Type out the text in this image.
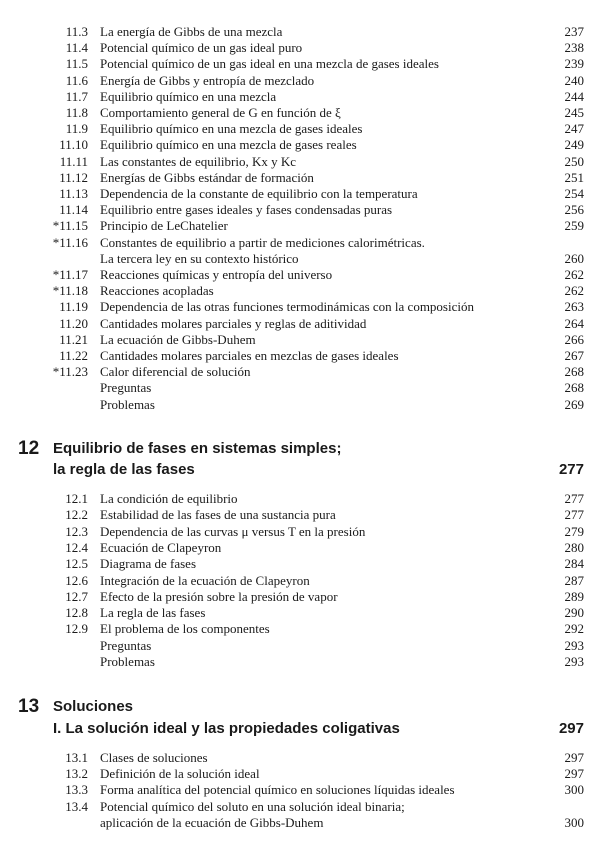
11.3 La energía de Gibbs de una mezcla	237
11.4 Potencial químico de un gas ideal puro	238
11.5 Potencial químico de un gas ideal en una mezcla de gases ideales	239
11.6 Energía de Gibbs y entropía de mezclado	240
11.7 Equilibrio químico en una mezcla	244
11.8 Comportamiento general de G en función de ξ	245
11.9 Equilibrio químico en una mezcla de gases ideales	247
11.10 Equilibrio químico en una mezcla de gases reales	249
11.11 Las constantes de equilibrio, Kx y Kc	250
11.12 Energías de Gibbs estándar de formación	251
11.13 Dependencia de la constante de equilibrio con la temperatura	254
11.14 Equilibrio entre gases ideales y fases condensadas puras	256
*11.15 Principio de LeChatelier	259
*11.16 Constantes de equilibrio a partir de mediciones calorimétricas.
La tercera ley en su contexto histórico	260
*11.17 Reacciones químicas y entropía del universo	262
*11.18 Reacciones acopladas	262
11.19 Dependencia de las otras funciones termodinámicas con la composición	263
11.20 Cantidades molares parciales y reglas de aditividad	264
11.21 La ecuación de Gibbs-Duhem	266
11.22 Cantidades molares parciales en mezclas de gases ideales	267
*11.23 Calor diferencial de solución	268
Preguntas	268
Problemas	269
12 Equilibrio de fases en sistemas simples;
la regla de las fases	277
12.1 La condición de equilibrio	277
12.2 Estabilidad de las fases de una sustancia pura	277
12.3 Dependencia de las curvas μ versus T en la presión	279
12.4 Ecuación de Clapeyron	280
12.5 Diagrama de fases	284
12.6 Integración de la ecuación de Clapeyron	287
12.7 Efecto de la presión sobre la presión de vapor	289
12.8 La regla de las fases	290
12.9 El problema de los componentes	292
Preguntas	293
Problemas	293
13 Soluciones
I. La solución ideal y las propiedades coligativas	297
13.1 Clases de soluciones	297
13.2 Definición de la solución ideal	297
13.3 Forma analítica del potencial químico en soluciones líquidas ideales	300
13.4 Potencial químico del soluto en una solución ideal binaria;
aplicación de la ecuación de Gibbs-Duhem	300
